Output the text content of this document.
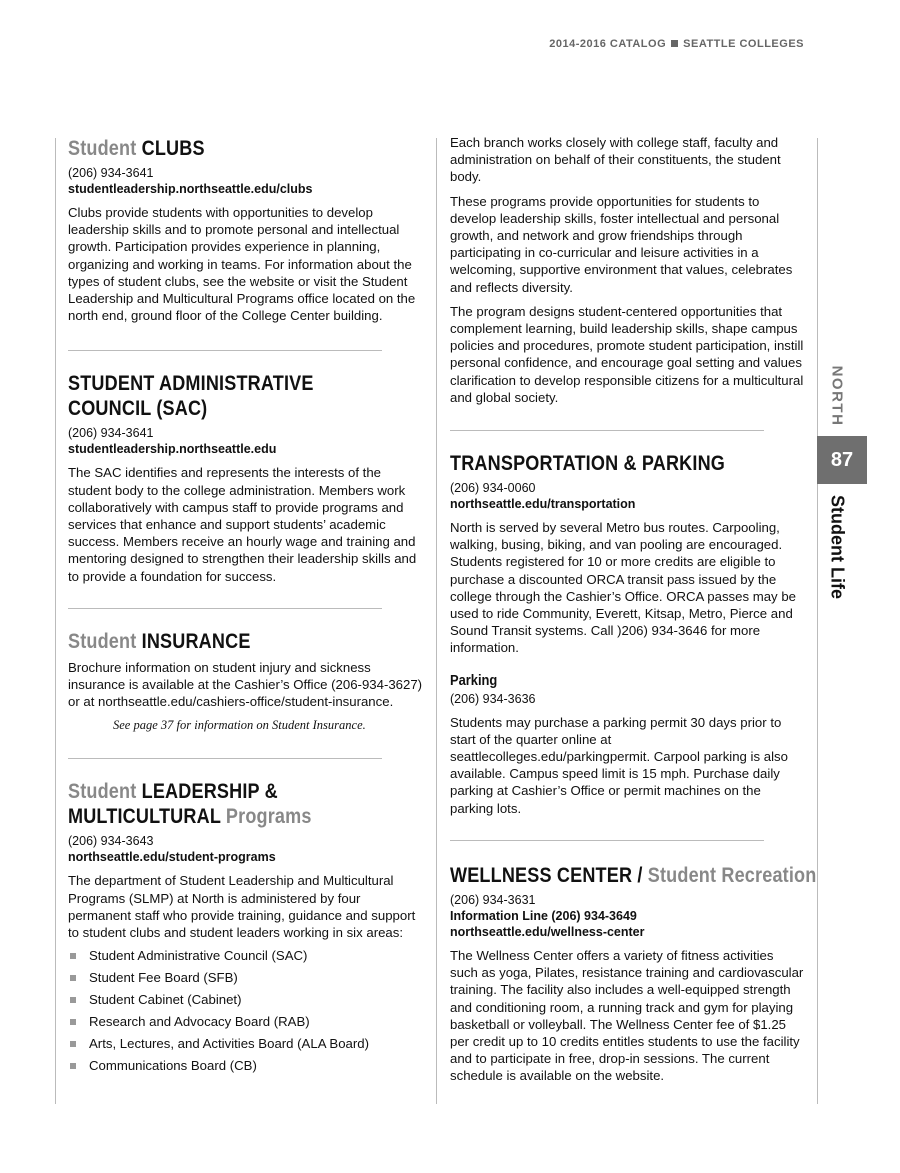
2014-2016 CATALOG SEATTLE COLLEGES
Student CLUBS
(206) 934-3641
studentleadership.northseattle.edu/clubs

Clubs provide students with opportunities to develop leadership skills and to promote personal and intellectual growth. Participation provides experience in planning, organizing and working in teams. For information about the types of student clubs, see the website or visit the Student Leadership and Multicultural Programs office located on the north end, ground floor of the College Center building.

STUDENT ADMINISTRATIVE
COUNCIL (SAC)
(206) 934-3641
studentleadership.northseattle.edu

The SAC identifies and represents the interests of the student body to the college administration. Members work collaboratively with campus staff to provide programs and services that enhance and support students’ academic success. Members receive an hourly wage and training and mentoring designed to strengthen their leadership skills and to provide a foundation for success.

Student INSURANCE

Brochure information on student injury and sickness insurance is available at the Cashier’s Office (206-934-3627) or at northseattle.edu/cashiers-office/student-insurance.

See page 37 for information on Student Insurance.
Student LEADERSHIP &
MULTICULTURAL Programs
(206) 934-3643
northseattle.edu/student-programs

The department of Student Leadership and Multicultural Programs (SLMP) at North is administered by four permanent staff who provide training, guidance and support to student clubs and student leaders working in six areas:

Student Administrative Council (SAC)
Student Fee Board (SFB)
Student Cabinet (Cabinet)
Research and Advocacy Board (RAB)
Arts, Lectures, and Activities Board (ALA Board)
Communications Board (CB)

Each branch works closely with college staff, faculty and administration on behalf of their constituents, the student body.

These programs provide opportunities for students to develop leadership skills, foster intellectual and personal growth, and network and grow friendships through participating in co-curricular and leisure activities in a welcoming, supportive environment that values, celebrates and reflects diversity.

The program designs student-centered opportunities that complement learning, build leadership skills, shape campus policies and procedures, promote student participation, instill personal confidence, and encourage goal setting and values clarification to develop responsible citizens for a multicultural and global society.

TRANSPORTATION & PARKING
(206) 934-0060
northseattle.edu/transportation

North is served by several Metro bus routes. Carpooling, walking, busing, biking, and van pooling are encouraged. Students registered for 10 or more credits are eligible to purchase a discounted ORCA transit pass issued by the college through the Cashier’s Office. ORCA passes may be used to ride Community, Everett, Kitsap, Metro, Pierce and Sound Transit systems. Call )206) 934-3646 for more information.

Parking
(206) 934-3636

Students may purchase a parking permit 30 days prior to start of the quarter online at seattlecolleges.edu/parkingpermit. Carpool parking is also available. Campus speed limit is 15 mph. Purchase daily parking at Cashier’s Office or permit machines on the parking lots.

WELLNESS CENTER / Student Recreation
(206) 934-3631
Information Line (206) 934-3649
northseattle.edu/wellness-center

The Wellness Center offers a variety of fitness activities such as yoga, Pilates, resistance training and cardiovascular training. The facility also includes a well-equipped strength and conditioning room, a running track and gym for playing basketball or volleyball. The Wellness Center fee of $1.25 per credit up to 10 credits entitles students to use the facility and to participate in free, drop-in sessions. The current schedule is available on the website.

NORTH
87
Student Life
